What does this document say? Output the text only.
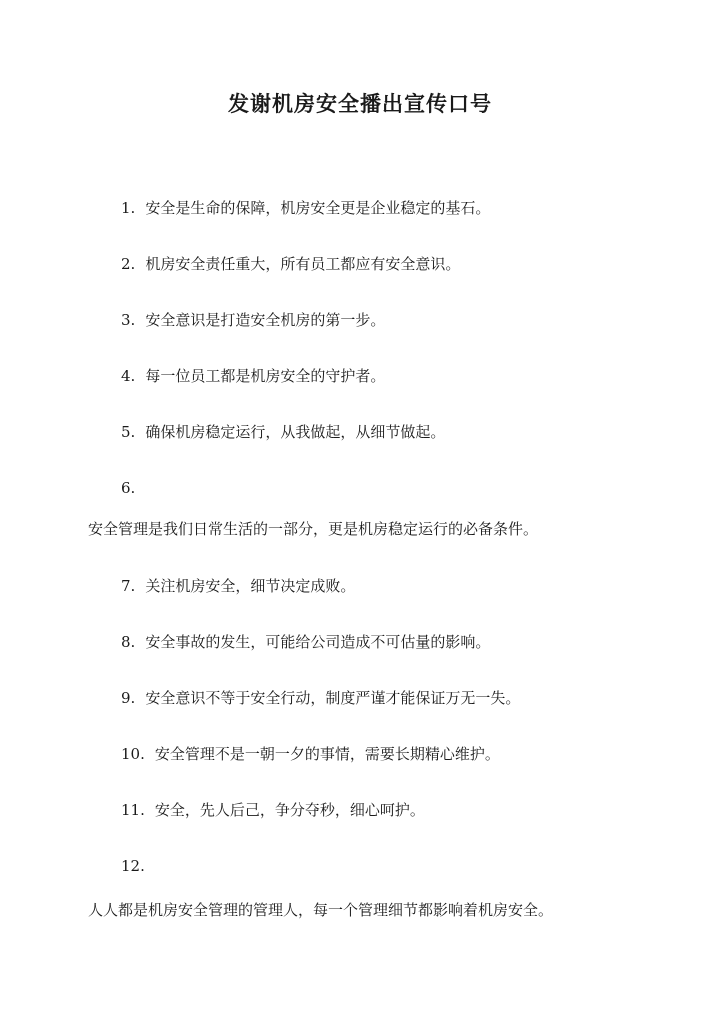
发谢机房安全播出宣传口号
1. 安全是生命的保障，机房安全更是企业稳定的基石。
2. 机房安全责任重大，所有员工都应有安全意识。
3. 安全意识是打造安全机房的第一步。
4. 每一位员工都是机房安全的守护者。
5. 确保机房稳定运行，从我做起，从细节做起。
6.
安全管理是我们日常生活的一部分，更是机房稳定运行的必备条件。
7. 关注机房安全，细节决定成败。
8. 安全事故的发生，可能给公司造成不可估量的影响。
9. 安全意识不等于安全行动，制度严谨才能保证万无一失。
10. 安全管理不是一朝一夕的事情，需要长期精心维护。
11. 安全，先人后己，争分夺秒，细心呵护。
12.
人人都是机房安全管理的管理人，每一个管理细节都影响着机房安全。
